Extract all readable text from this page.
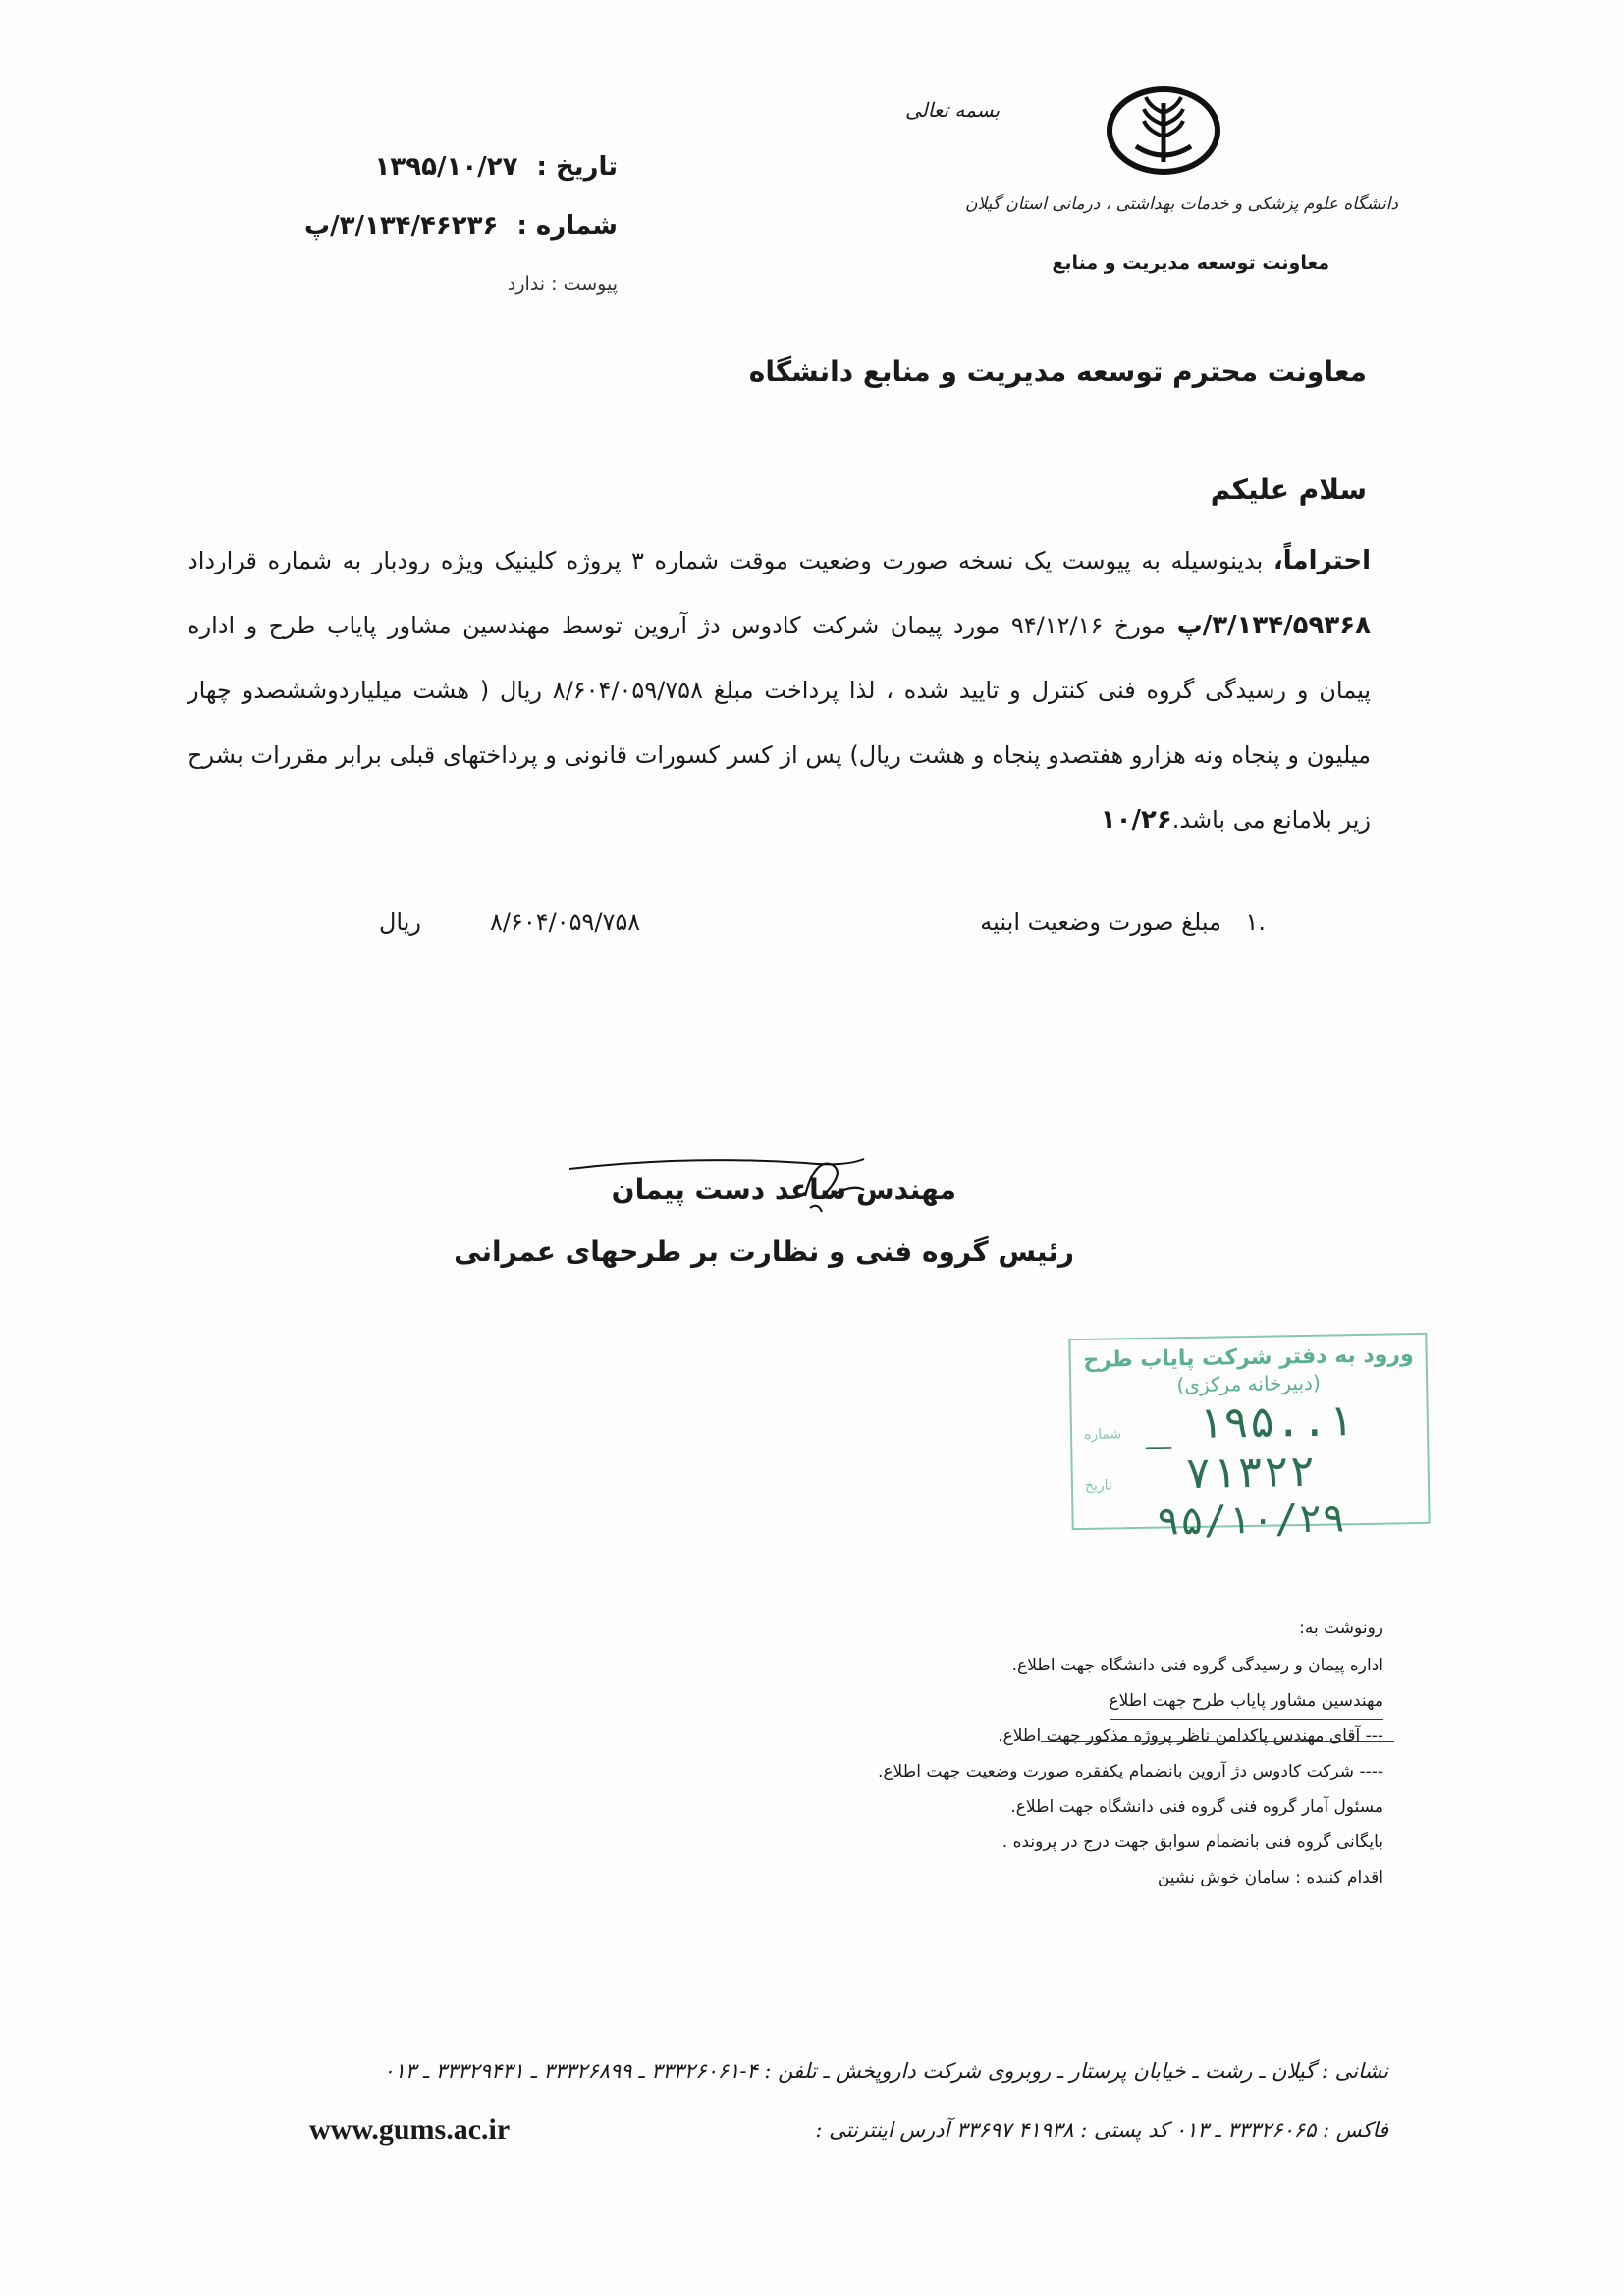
بسمه تعالی
دانشگاه علوم پزشکی و خدمات بهداشتی ، درمانی استان گیلان
معاونت توسعه مدیریت و منابع
تاریخ : ۱۳۹۵/۱۰/۲۷
شماره : ۳/۱۳۴/۴۶۲۳۶/پ
پیوست : ندارد
معاونت محترم توسعه مدیریت و منابع دانشگاه
سلام علیکم
احتراماً، بدینوسیله به پیوست یک نسخه صورت وضعیت موقت شماره ۳ پروژه کلینیک ویژه رودبار به شماره قرارداد ۳/۱۳۴/۵۹۳۶۸/پ مورخ ۹۴/۱۲/۱۶ مورد پیمان شرکت کادوس دژ آروین توسط مهندسین مشاور پایاب طرح و اداره پیمان و رسیدگی گروه فنی کنترل و تایید شده ، لذا پرداخت مبلغ ۸/۶۰۴/۰۵۹/۷۵۸ ریال ( هشت میلیاردوششصدو چهار میلیون و پنجاه ونه هزارو هفتصدو پنجاه و هشت ریال) پس از کسر کسورات قانونی و پرداختهای قبلی برابر مقررات بشرح زیر بلامانع می باشد.۱۰/۲۶
.۱
مبلغ صورت وضعیت ابنیه
۸/۶۰۴/۰۵۹/۷۵۸
ریال
مهندس ساعد دست پیمان
رئیس گروه فنی و نظارت بر طرحهای عمرانی
ورود به دفتر شرکت پایاب طرح
(دبیرخانه مرکزی)
۱..۱۹۵ _ ۷۱۳۲۲
۹۵/۱۰/۲۹
شماره
تاریخ
رونوشت به:
اداره پیمان و رسیدگی گروه فنی دانشگاه جهت اطلاع.
مهندسین مشاور پایاب طرح جهت اطلاع
--- آقای مهندس پاکدامن ناظر پروژه مذکور جهت اطلاع.
---- شرکت کادوس دژ آروین بانضمام یکفقره صورت وضعیت جهت اطلاع.
مسئول آمار گروه فنی گروه فنی دانشگاه جهت اطلاع.
بایگانی گروه فنی بانضمام سوابق جهت درج در پرونده .
اقدام کننده : سامان خوش نشین
نشانی : گیلان ـ رشت ـ خیابان پرستار ـ روبروی شرکت داروپخش ـ تلفن : ۴-۳۳۳۲۶۰۶۱ ـ ۳۳۳۲۶۸۹۹ ـ ۳۳۳۲۹۴۳۱ ـ ۰۱۳
فاکس : ۳۳۳۲۶۰۶۵ ـ ۰۱۳ کد پستی : ۴۱۹۳۸ ۳۳۶۹۷ آدرس اینترنتی :
www.gums.ac.ir
